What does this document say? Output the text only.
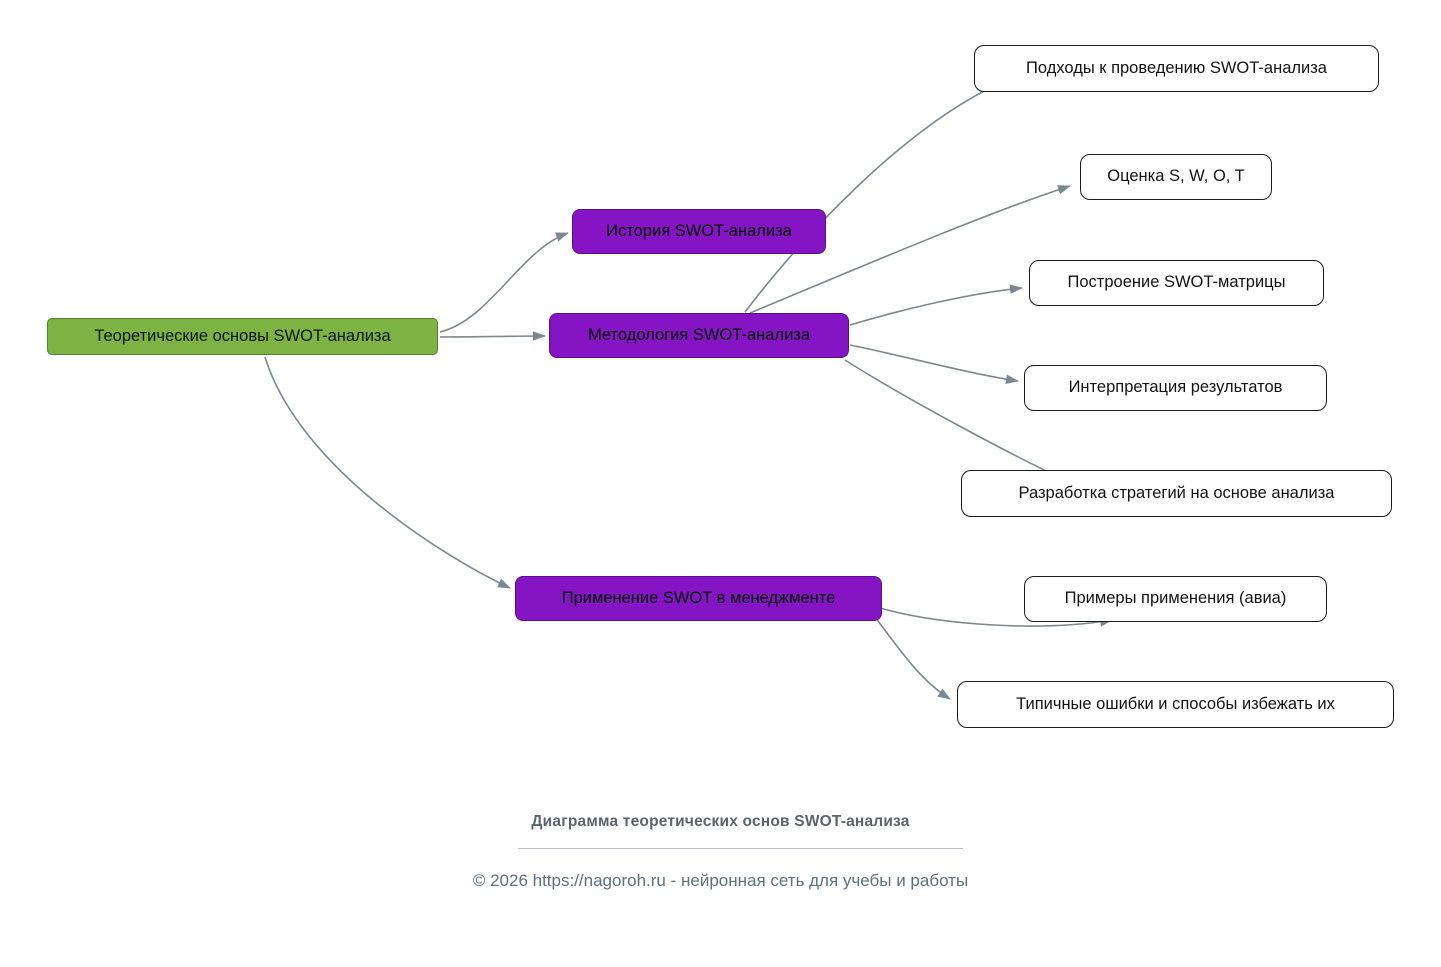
Теоретические основы SWOT-анализа
История SWOT-анализа
Методология SWOT-анализа
Применение SWOT в менеджменте
Подходы к проведению SWOT-анализа
Оценка S, W, O, T
Построение SWOT-матрицы
Интерпретация результатов
Разработка стратегий на основе анализа
Примеры применения (авиа)
Типичные ошибки и способы избежать их
Диаграмма теоретических основ SWOT-анализа
© 2026 https://nagoroh.ru - нейронная сеть для учебы и работы
